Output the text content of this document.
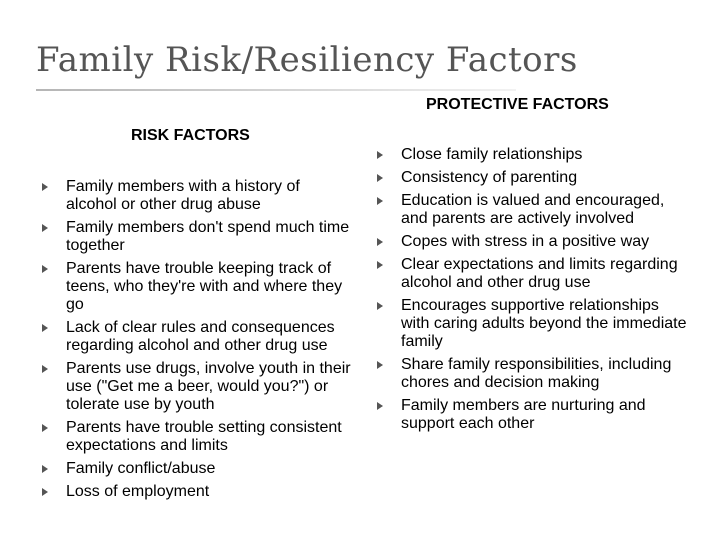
Family Risk/Resiliency Factors
RISK FACTORS
PROTECTIVE FACTORS
Family members with a history of alcohol or other drug abuse
Family members don't spend much time together
Parents have trouble keeping track of teens, who they're with and where they go
Lack of clear rules and consequences regarding alcohol and other drug use
Parents use drugs, involve youth in their use ("Get me a beer, would you?") or tolerate use by youth
Parents have trouble setting consistent expectations and limits
Family conflict/abuse
Loss of employment
Close family relationships
Consistency of parenting
Education is valued and encouraged, and parents are actively involved
Copes with stress in a positive way
Clear expectations and limits regarding alcohol and other drug use
Encourages supportive relationships with caring adults beyond the immediate family
Share family responsibilities, including chores and decision making
Family members are nurturing and support each other
